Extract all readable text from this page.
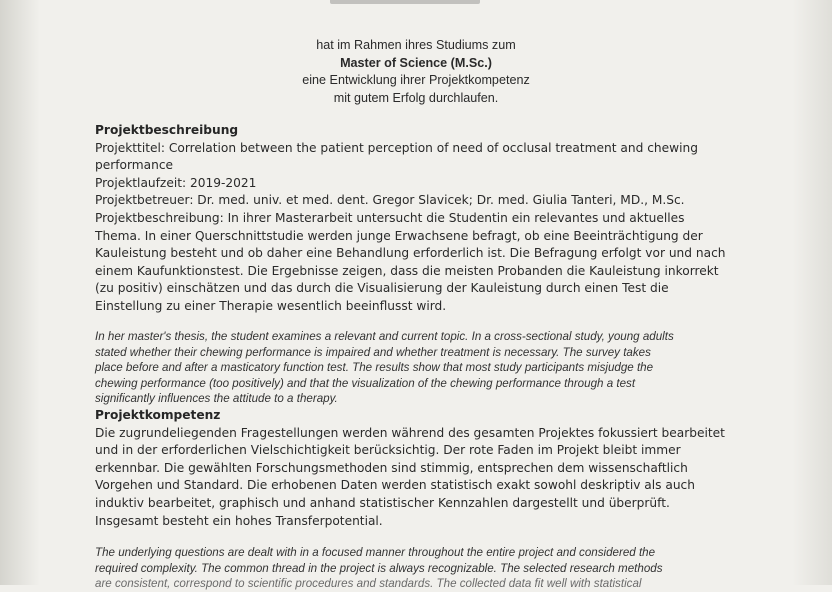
hat im Rahmen ihres Studiums zum
Master of Science (M.Sc.)
eine Entwicklung ihrer Projektkompetenz
mit gutem Erfolg durchlaufen.

Projektbeschreibung

Projekttitel: Correlation between the patient perception of need of occlusal treatment and chewing

performance

Projektlaufzeit: 2019-2021

Projektbetreuer: Dr. med. univ. et med. dent. Gregor Slavicek; Dr. med. Giulia Tanteri, MD., M.Sc.

Projektbeschreibung: In ihrer Masterarbeit untersucht die Studentin ein relevantes und aktuelles

Thema. In einer Querschnittstudie werden junge Erwachsene befragt, ob eine Beeinträchtigung der

Kauleistung besteht und ob daher eine Behandlung erforderlich ist. Die Befragung erfolgt vor und nach

einem Kaufunktionstest. Die Ergebnisse zeigen, dass die meisten Probanden die Kauleistung inkorrekt

(zu positiv) einschätzen und das durch die Visualisierung der Kauleistung durch einen Test die

Einstellung zu einer Therapie wesentlich beeinflusst wird.

In her master's thesis, the student examines a relevant and current topic. In a cross-sectional study, young adults

stated whether their chewing performance is impaired and whether treatment is necessary. The survey takes

place before and after a masticatory function test. The results show that most study participants misjudge the

chewing performance (too positively) and that the visualization of the chewing performance through a test

significantly influences the attitude to a therapy.

Projektkompetenz

Die zugrundeliegenden Fragestellungen werden während des gesamten Projektes fokussiert bearbeitet

und in der erforderlichen Vielschichtigkeit berücksichtig. Der rote Faden im Projekt bleibt immer

erkennbar. Die gewählten Forschungsmethoden sind stimmig, entsprechen dem wissenschaftlich

Vorgehen und Standard. Die erhobenen Daten werden statistisch exakt sowohl deskriptiv als auch

induktiv bearbeitet, graphisch und anhand statistischer Kennzahlen dargestellt und überprüft.

Insgesamt besteht ein hohes Transferpotential.

The underlying questions are dealt with in a focused manner throughout the entire project and considered the

required complexity. The common thread in the project is always recognizable. The selected research methods

are consistent, correspond to scientific procedures and standards. The collected data fit well with statistical
